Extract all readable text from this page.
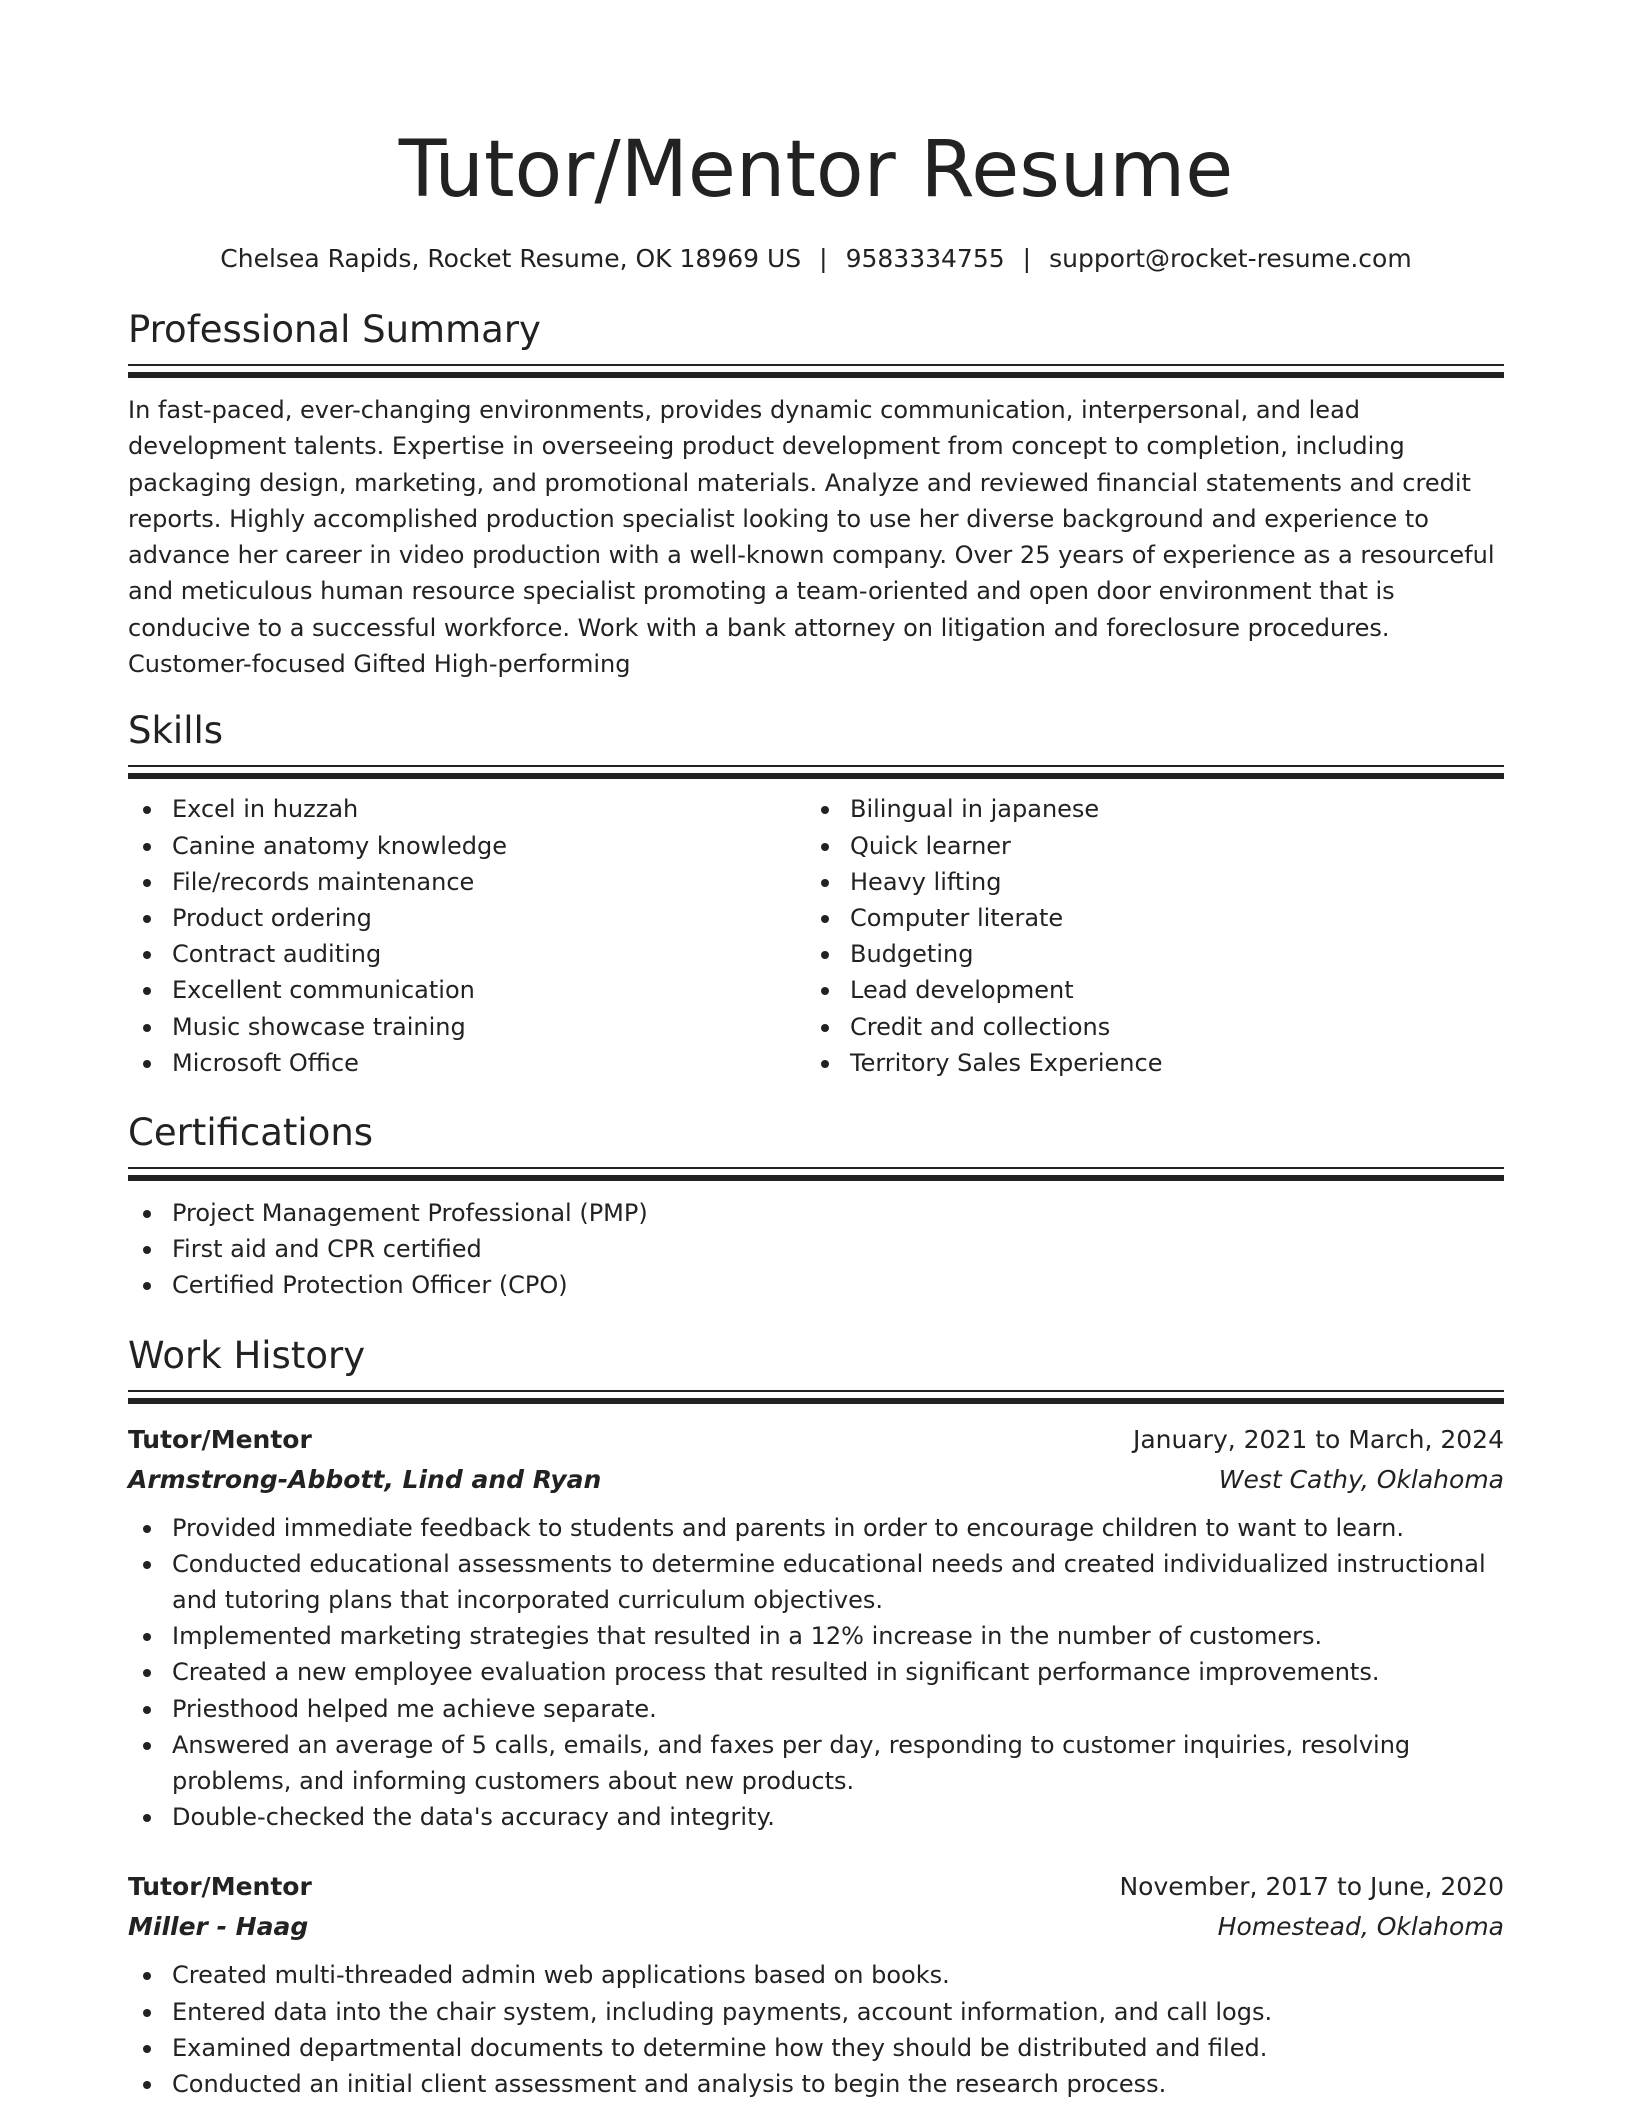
Tutor/Mentor Resume
Chelsea Rapids, Rocket Resume, OK 18969 US | 9583334755 | support@rocket-resume.com
Professional Summary

In fast-paced, ever-changing environments, provides dynamic communication, interpersonal, and lead development talents. Expertise in overseeing product development from concept to completion, including packaging design, marketing, and promotional materials. Analyze and reviewed financial statements and credit reports. Highly accomplished production specialist looking to use her diverse background and experience to advance her career in video production with a well-known company. Over 25 years of experience as a resourceful and meticulous human resource specialist promoting a team-oriented and open door environment that is conducive to a successful workforce. Work with a bank attorney on litigation and foreclosure procedures. Customer-focused Gifted High-performing

Skills
Excel in huzzah
Canine anatomy knowledge
File/records maintenance
Product ordering
Contract auditing
Excellent communication
Music showcase training
Microsoft Office
Bilingual in japanese
Quick learner
Heavy lifting
Computer literate
Budgeting
Lead development
Credit and collections
Territory Sales Experience
Certifications
Project Management Professional (PMP)
First aid and CPR certified
Certified Protection Officer (CPO)
Work History
Tutor/Mentor	January, 2021 to March, 2024
Armstrong-Abbott, Lind and Ryan	West Cathy, Oklahoma
Provided immediate feedback to students and parents in order to encourage children to want to learn.
Conducted educational assessments to determine educational needs and created individualized instructional and tutoring plans that incorporated curriculum objectives.
Implemented marketing strategies that resulted in a 12% increase in the number of customers.
Created a new employee evaluation process that resulted in significant performance improvements.
Priesthood helped me achieve separate.
Answered an average of 5 calls, emails, and faxes per day, responding to customer inquiries, resolving problems, and informing customers about new products.
Double-checked the data's accuracy and integrity.
Tutor/Mentor	November, 2017 to June, 2020
Miller - Haag	Homestead, Oklahoma
Created multi-threaded admin web applications based on books.
Entered data into the chair system, including payments, account information, and call logs.
Examined departmental documents to determine how they should be distributed and filed.
Conducted an initial client assessment and analysis to begin the research process.
